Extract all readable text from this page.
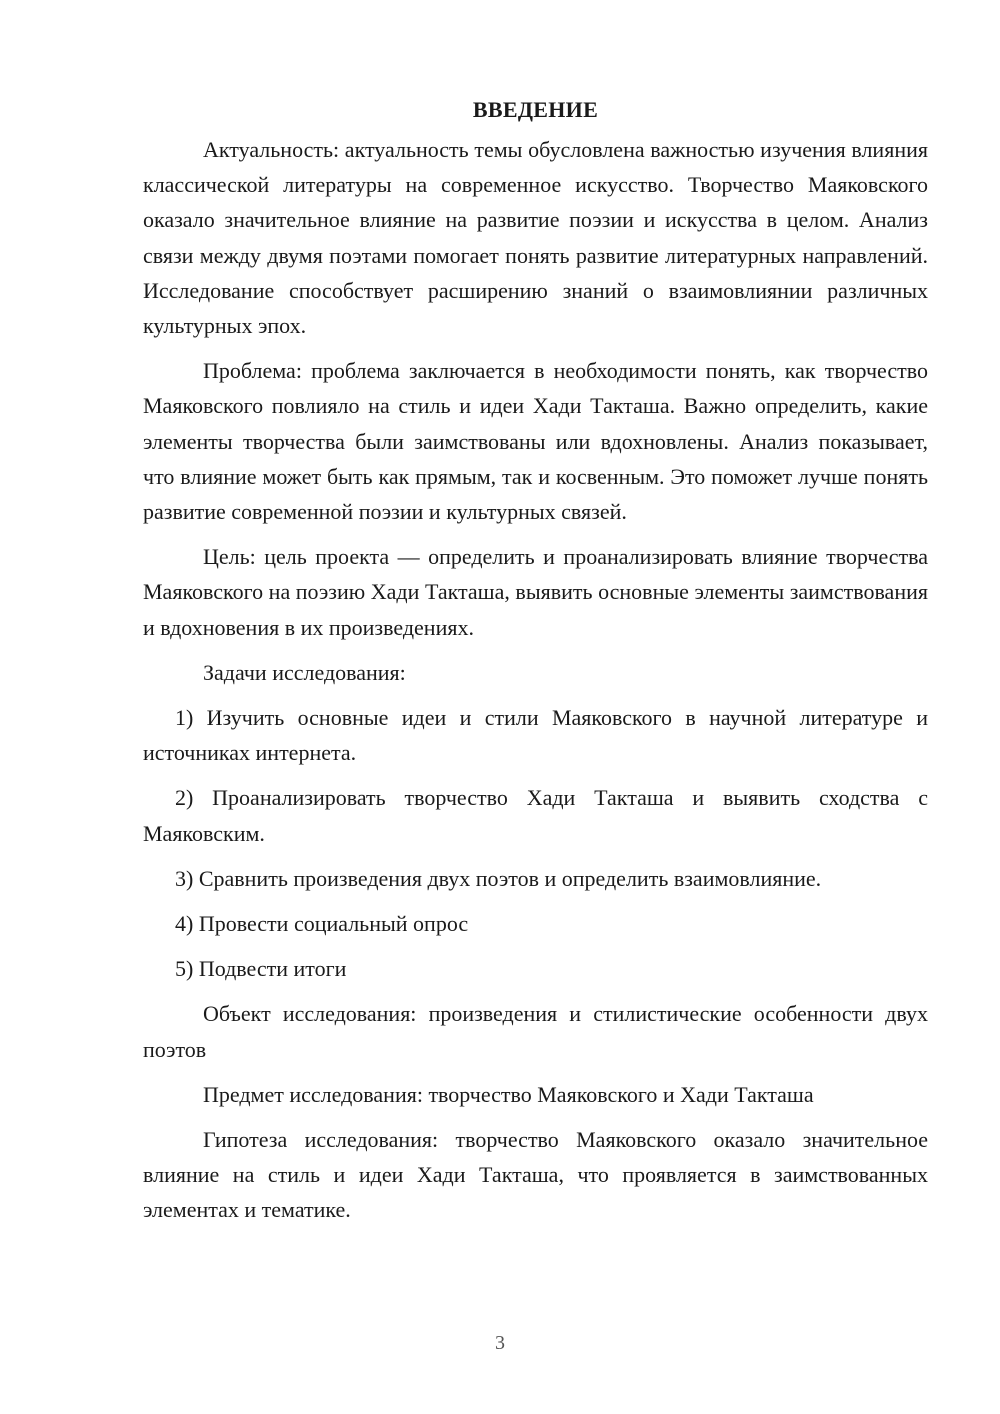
ВВЕДЕНИЕ

Актуальность: актуальность темы обусловлена важностью изучения влияния классической литературы на современное искусство. Творчество Маяковского оказало значительное влияние на развитие поэзии и искусства в целом. Анализ связи между двумя поэтами помогает понять развитие литературных направлений. Исследование способствует расширению знаний о взаимовлиянии различных культурных эпох.

Проблема: проблема заключается в необходимости понять, как творчество Маяковского повлияло на стиль и идеи Хади Такташа. Важно определить, какие элементы творчества были заимствованы или вдохновлены. Анализ показывает, что влияние может быть как прямым, так и косвенным. Это поможет лучше понять развитие современной поэзии и культурных связей.

Цель: цель проекта — определить и проанализировать влияние творчества Маяковского на поэзию Хади Такташа, выявить основные элементы заимствования и вдохновения в их произведениях.

Задачи исследования:

1) Изучить основные идеи и стили Маяковского в научной литературе и источниках интернета.

2) Проанализировать творчество Хади Такташа и выявить сходства с Маяковским.

3) Сравнить произведения двух поэтов и определить взаимовлияние.

4) Провести социальный опрос

5) Подвести итоги

Объект исследования: произведения и стилистические особенности двух поэтов

Предмет исследования: творчество Маяковского и Хади Такташа

Гипотеза исследования: творчество Маяковского оказало значительное влияние на стиль и идеи Хади Такташа, что проявляется в заимствованных элементах и тематике.

3
